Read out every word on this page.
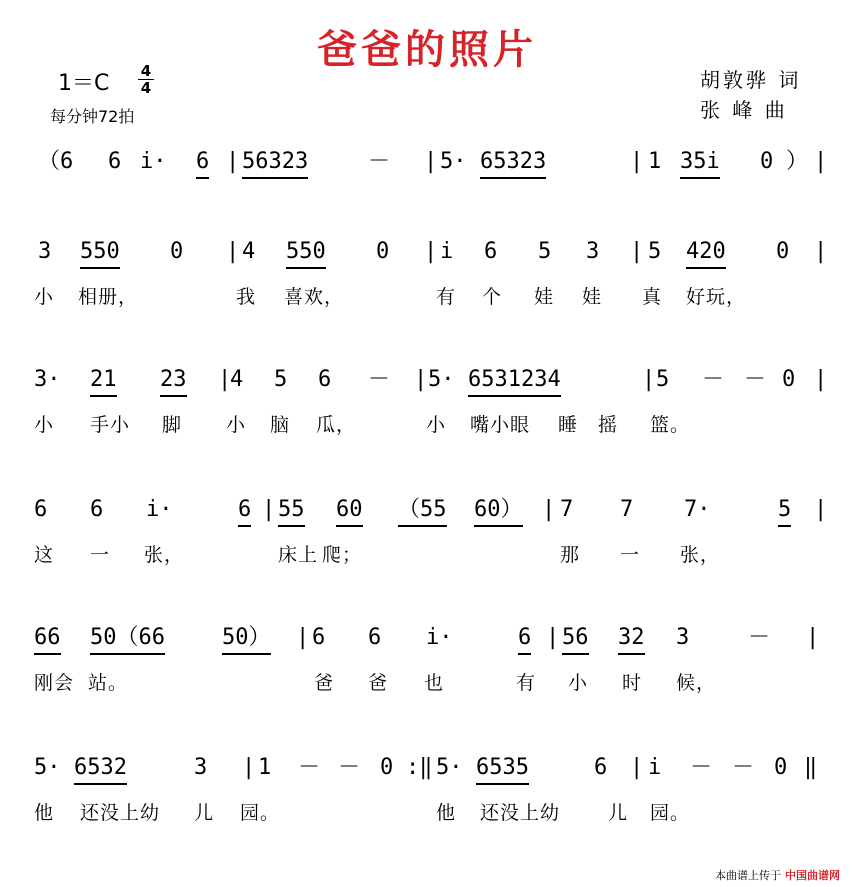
爸爸的照片
1＝C	4
4
每分钟72拍
胡敦骅 词
张 峰 曲
（6 6 i· 6 | 56323	－ | 5· 65323	| 1 35i 0 ） |
3 550 0 | 4 550 0 | i 6 5 3 | 5 420 0 |
小 相册，	我 喜欢，	有 个 娃 娃 真 好玩，
3· 21 23 |
4 5 6 － | 5· 6531234	| 5 － － 0 |
小 手小 脚 小 脑 瓜，	小 嘴小眼 睡 摇 篮。
6 6 i·	6 | 55 60 （55 60） | 7 7 7·	5 |
这 一 张，	床上 爬；	那 一 张，
66 50（66	50） | 6 6 i·	6 | 56 32 3	－ |
刚会 站。	爸 爸 也	有 小 时 候，
5· 6532	3 | 1 － － 0 :‖ 5· 6535	6 | i － － 0 ‖
他 还没上幼 儿 园。	他 还没上幼	儿 园。
本曲谱上传于 中国曲谱网
